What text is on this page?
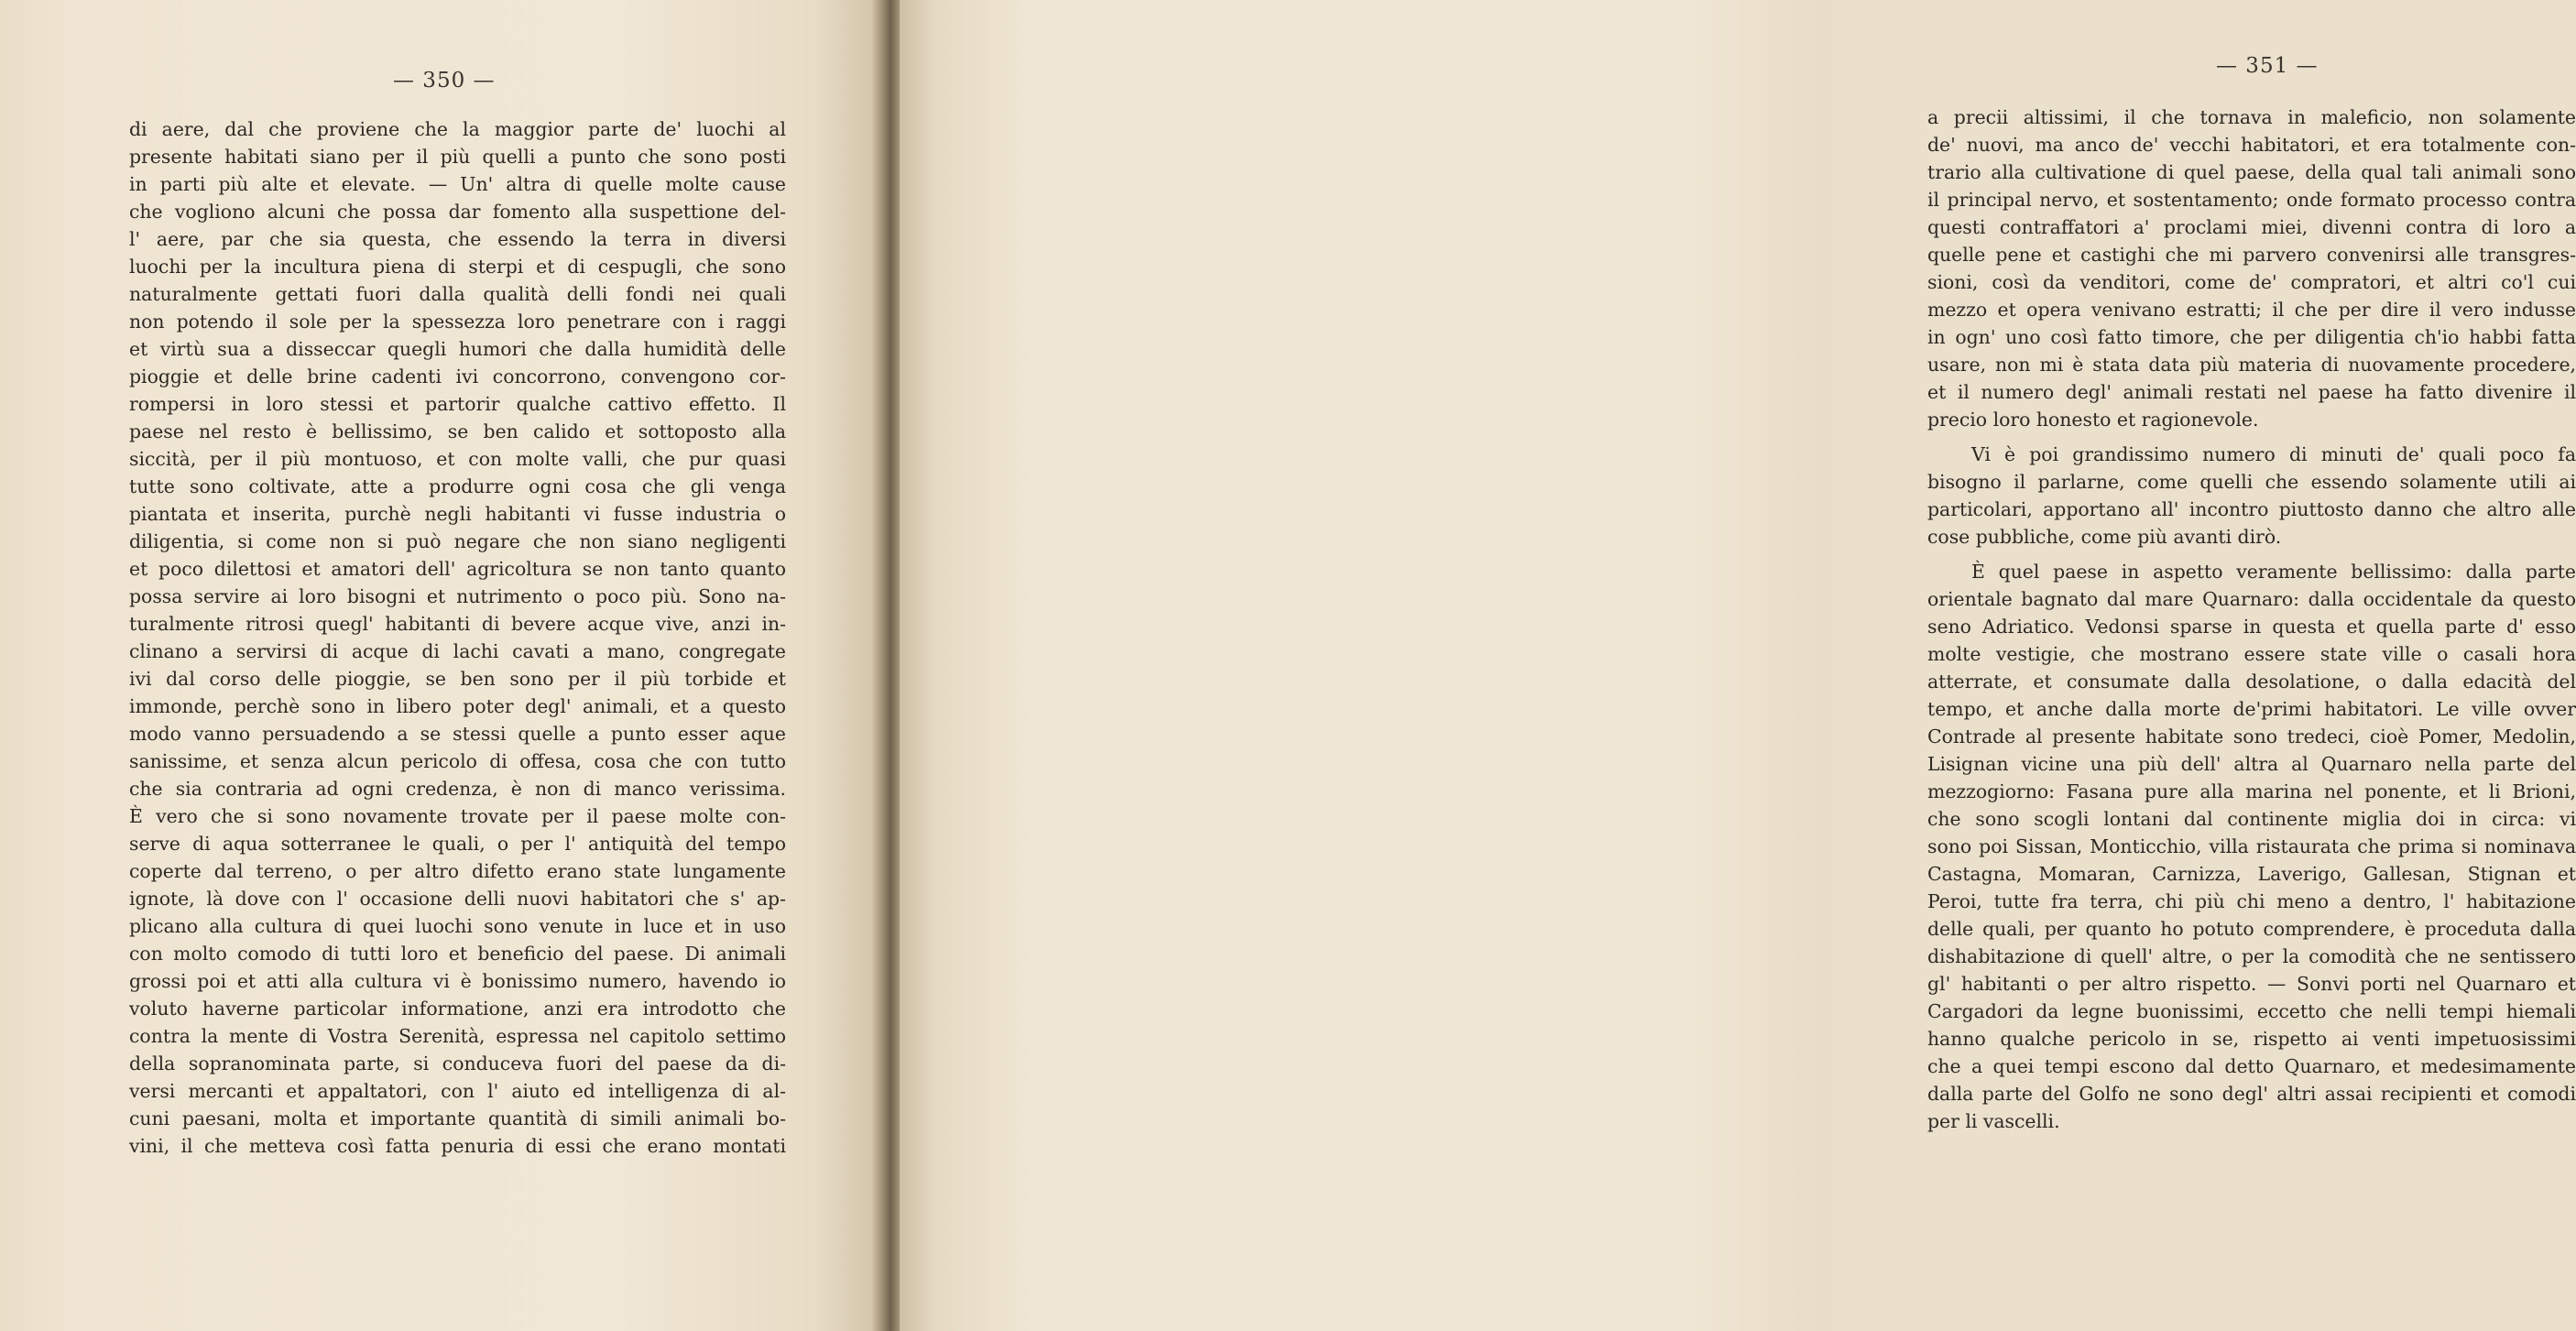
— 350 —
di aere, dal che proviene che la maggior parte de' luochi al
presente habitati siano per il più quelli a punto che sono posti
in parti più alte et elevate. — Un' altra di quelle molte cause
che vogliono alcuni che possa dar fomento alla suspettione del-
l' aere, par che sia questa, che essendo la terra in diversi
luochi per la incultura piena di sterpi et di cespugli, che sono
naturalmente gettati fuori dalla qualità delli fondi nei quali
non potendo il sole per la spessezza loro penetrare con i raggi
et virtù sua a disseccar quegli humori che dalla humidità delle
pioggie et delle brine cadenti ivi concorrono, convengono cor-
rompersi in loro stessi et partorir qualche cattivo effetto. Il
paese nel resto è bellissimo, se ben calido et sottoposto alla
siccità, per il più montuoso, et con molte valli, che pur quasi
tutte sono coltivate, atte a produrre ogni cosa che gli venga
piantata et inserita, purchè negli habitanti vi fusse industria o
diligentia, si come non si può negare che non siano negligenti
et poco dilettosi et amatori dell' agricoltura se non tanto quanto
possa servire ai loro bisogni et nutrimento o poco più. Sono na-
turalmente ritrosi quegl' habitanti di bevere acque vive, anzi in-
clinano a servirsi di acque di lachi cavati a mano, congregate
ivi dal corso delle pioggie, se ben sono per il più torbide et
immonde, perchè sono in libero poter degl' animali, et a questo
modo vanno persuadendo a se stessi quelle a punto esser aque
sanissime, et senza alcun pericolo di offesa, cosa che con tutto
che sia contraria ad ogni credenza, è non di manco verissima.
È vero che si sono novamente trovate per il paese molte con-
serve di aqua sotterranee le quali, o per l' antiquità del tempo
coperte dal terreno, o per altro difetto erano state lungamente
ignote, là dove con l' occasione delli nuovi habitatori che s' ap-
plicano alla cultura di quei luochi sono venute in luce et in uso
con molto comodo di tutti loro et beneficio del paese. Di animali
grossi poi et atti alla cultura vi è bonissimo numero, havendo io
voluto haverne particolar informatione, anzi era introdotto che
contra la mente di Vostra Serenità, espressa nel capitolo settimo
della sopranominata parte, si conduceva fuori del paese da di-
versi mercanti et appaltatori, con l' aiuto ed intelligenza di al-
cuni paesani, molta et importante quantità di simili animali bo-
vini, il che metteva così fatta penuria di essi che erano montati
— 351 —
a precii altissimi, il che tornava in maleficio, non solamente
de' nuovi, ma anco de' vecchi habitatori, et era totalmente con-
trario alla cultivatione di quel paese, della qual tali animali sono
il principal nervo, et sostentamento; onde formato processo contra
questi contraffatori a' proclami miei, divenni contra di loro a
quelle pene et castighi che mi parvero convenirsi alle transgres-
sioni, così da venditori, come de' compratori, et altri co'l cui
mezzo et opera venivano estratti; il che per dire il vero indusse
in ogn' uno così fatto timore, che per diligentia ch'io habbi fatta
usare, non mi è stata data più materia di nuovamente procedere,
et il numero degl' animali restati nel paese ha fatto divenire il
precio loro honesto et ragionevole.
Vi è poi grandissimo numero di minuti de' quali poco fa
bisogno il parlarne, come quelli che essendo solamente utili ai
particolari, apportano all' incontro piuttosto danno che altro alle
cose pubbliche, come più avanti dirò.
È quel paese in aspetto veramente bellissimo: dalla parte
orientale bagnato dal mare Quarnaro: dalla occidentale da questo
seno Adriatico. Vedonsi sparse in questa et quella parte d' esso
molte vestigie, che mostrano essere state ville o casali hora
atterrate, et consumate dalla desolatione, o dalla edacità del
tempo, et anche dalla morte de'primi habitatori. Le ville ovver
Contrade al presente habitate sono tredeci, cioè Pomer, Medolin,
Lisignan vicine una più dell' altra al Quarnaro nella parte del
mezzogiorno: Fasana pure alla marina nel ponente, et li Brioni,
che sono scogli lontani dal continente miglia doi in circa: vi
sono poi Sissan, Monticchio, villa ristaurata che prima si nominava
Castagna, Momaran, Carnizza, Laverigo, Gallesan, Stignan et
Peroi, tutte fra terra, chi più chi meno a dentro, l' habitazione
delle quali, per quanto ho potuto comprendere, è proceduta dalla
dishabitazione di quell' altre, o per la comodità che ne sentissero
gl' habitanti o per altro rispetto. — Sonvi porti nel Quarnaro et
Cargadori da legne buonissimi, eccetto che nelli tempi hiemali
hanno qualche pericolo in se, rispetto ai venti impetuosissimi
che a quei tempi escono dal detto Quarnaro, et medesimamente
dalla parte del Golfo ne sono degl' altri assai recipienti et comodi
per li vascelli.
